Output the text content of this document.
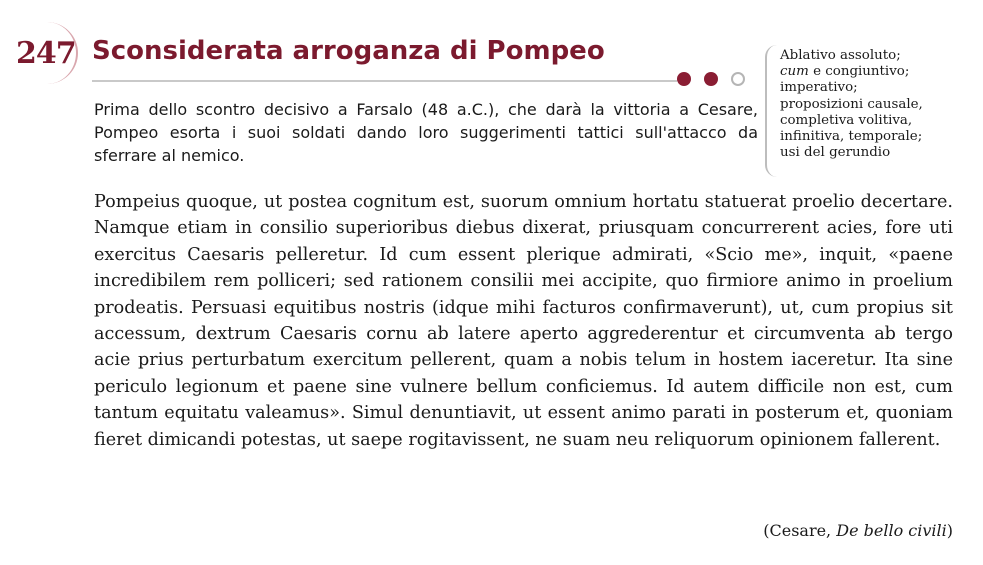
247 Sconsiderata arroganza di Pompeo	Ablativo assoluto;
cum e congiuntivo;
imperativo;
proposizioni causale,
completiva volitiva,
infinitiva, temporale;
usi del gerundio
Prima dello scontro decisivo a Farsalo (48 a.C.), che darà la vittoria a Cesare, Pompeo esorta i suoi soldati dando loro suggerimenti tattici sull'attacco da sferrare al nemico.
Pompeius quoque, ut postea cognitum est, suorum omnium hortatu statuerat proelio decertare. Namque etiam in consilio superioribus diebus dixerat, priusquam concurrerent acies, fore uti exercitus Caesaris pelleretur. Id cum essent plerique admirati, «Scio me», inquit, «paene incredibilem rem polliceri; sed rationem consilii mei accipite, quo firmiore animo in proelium prodeatis. Persuasi equitibus nostris (idque mihi facturos confirmaverunt), ut, cum propius sit accessum, dextrum Caesaris cornu ab latere aperto aggrederentur et circumventa ab tergo acie prius perturbatum exercitum pellerent, quam a nobis telum in hostem iaceretur. Ita sine periculo legionum et paene sine vulnere bellum conficiemus. Id autem difficile non est, cum tantum equitatu valeamus». Simul denuntiavit, ut essent animo parati in posterum et, quoniam fieret dimicandi potestas, ut saepe rogitavissent, ne suam neu reliquorum opinionem fallerent.
(Cesare, De bello civili)
